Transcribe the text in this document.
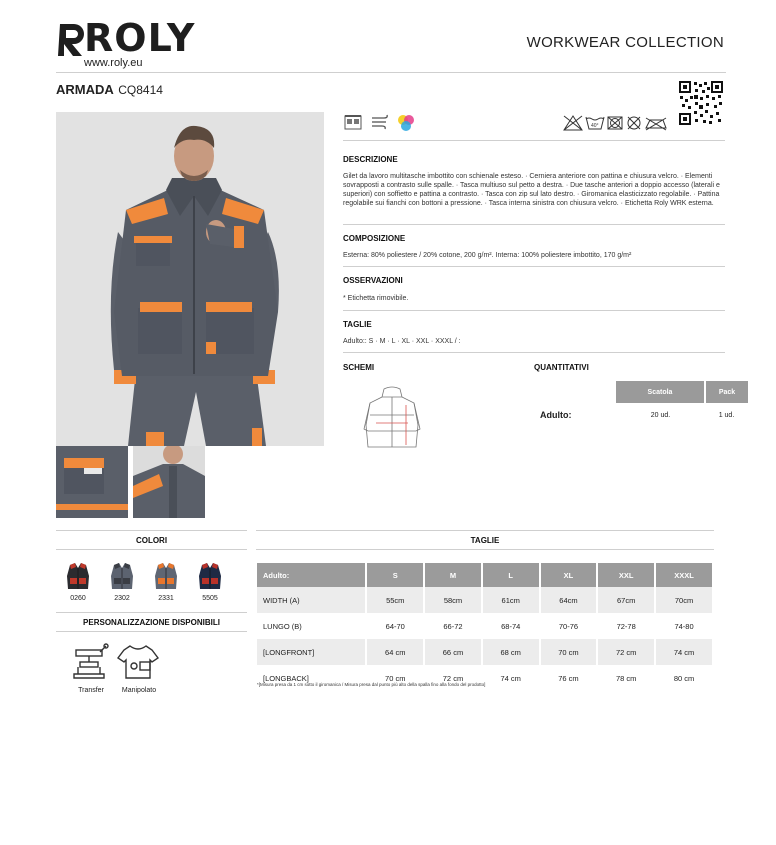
ROLY
www.roly.eu
WORKWEAR COLLECTION
ARMADA CQ8414
40°
DESCRIZIONE
Gilet da lavoro multitasche imbottito con schienale esteso. · Cerniera anteriore con pattina e chiusura velcro. · Elementi sovrapposti a contrasto sulle spalle. · Tasca multiuso sul petto a destra. · Due tasche anteriori a doppio accesso (laterali e superiori) con soffietto e pattina a contrasto. · Tasca con zip sul lato destro. · Giromanica elasticizzato regolabile. · Pattina regolabile sui fianchi con bottoni a pressione. · Tasca interna sinistra con chiusura velcro. · Etichetta Roly WRK esterna.
COMPOSIZIONE
Esterna: 80% poliestere / 20% cotone, 200 g/m². Interna: 100% poliestere imbottito, 170 g/m²
OSSERVAZIONI
* Etichetta rimovibile.
TAGLIE
Adulto:: S · M · L · XL · XXL · XXXL / :
SCHEMI	QUANTITATIVI
	Scatola	Pack
Adulto:	20 ud.	1 ud.
COLORI
0260	2302	2331	5505
PERSONALIZZAZIONE DISPONIBILI
Transfer	Manipolato
TAGLIE
Adulto:	S	M	L	XL	XXL	XXXL
WIDTH (A)	55cm	58cm	61cm	64cm	67cm	70cm
LUNGO (B)	64-70	66-72	68-74	70-76	72-78	74-80
[LONGFRONT]	64 cm	66 cm	68 cm	70 cm	72 cm	74 cm
[LONGBACK]	70 cm	72 cm	74 cm	76 cm	78 cm	80 cm
*[Misura presa da 1 cm sotto il giromanica / Misura presa dal punto più alto della spalla fino alla fondo del prodotto]
